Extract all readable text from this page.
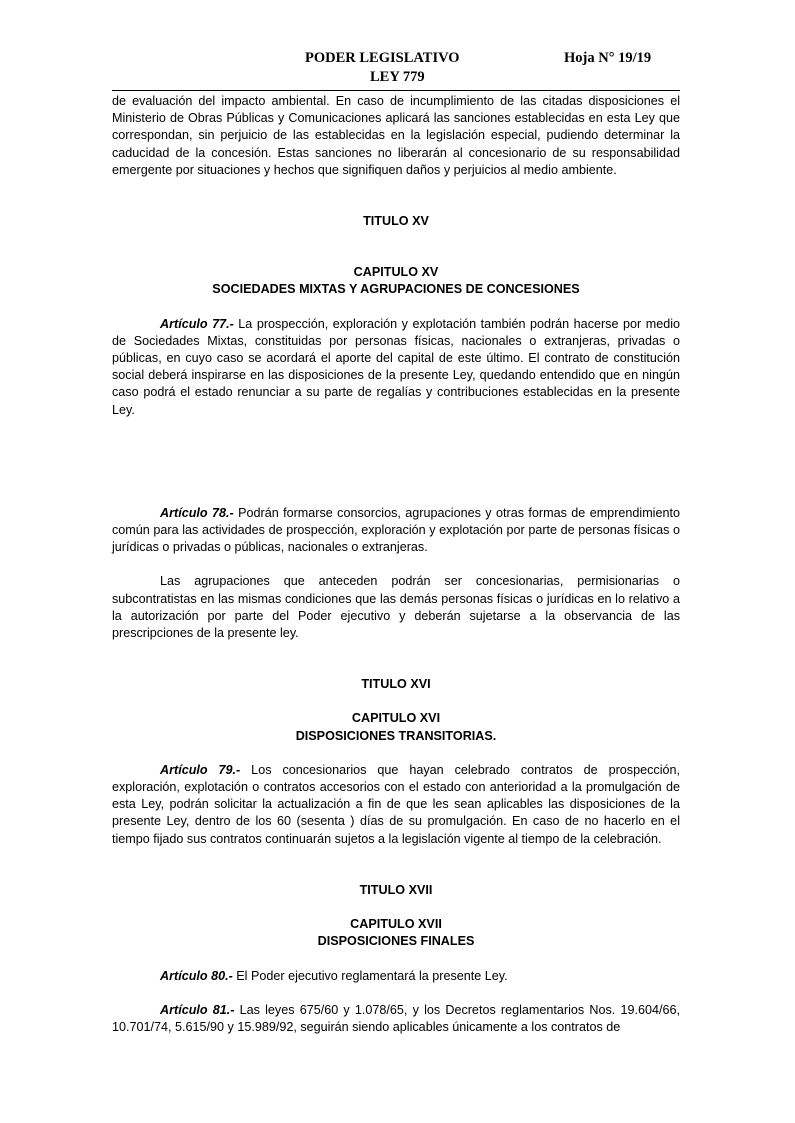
PODER LEGISLATIVO	Hoja N° 19/19
LEY 779

de evaluación del impacto ambiental. En caso de incumplimiento de las citadas disposiciones el Ministerio de Obras Públicas y Comunicaciones aplicará las sanciones establecidas en esta Ley que correspondan, sin perjuicio de las establecidas en la legislación especial, pudiendo determinar la caducidad de la concesión. Estas sanciones no liberarán al concesionario de su responsabilidad emergente por situaciones y hechos que signifiquen daños y perjuicios al medio ambiente.

TITULO XV

CAPITULO XV

SOCIEDADES MIXTAS Y AGRUPACIONES DE CONCESIONES

Artículo 77.- La prospección, exploración y explotación también podrán hacerse por medio de Sociedades Mixtas, constituidas por personas físicas, nacionales o extranjeras, privadas o públicas, en cuyo caso se acordará el aporte del capital de este último. El contrato de constitución social deberá inspirarse en las disposiciones de la presente Ley, quedando entendido que en ningún caso podrá el estado renunciar a su parte de regalías y contribuciones establecidas en la presente Ley.

Artículo 78.- Podrán formarse consorcios, agrupaciones y otras formas de emprendimiento común para las actividades de prospección, exploración y explotación por parte de personas físicas o jurídicas o privadas o públicas, nacionales o extranjeras.

Las agrupaciones que anteceden podrán ser concesionarias, permisionarias o subcontratistas en las mismas condiciones que las demás personas físicas o jurídicas en lo relativo a la autorización por parte del Poder ejecutivo y deberán sujetarse a la observancia de las prescripciones de la presente ley.

TITULO XVI

CAPITULO XVI

DISPOSICIONES TRANSITORIAS.

Artículo 79.- Los concesionarios que hayan celebrado contratos de prospección, exploración, explotación o contratos accesorios con el estado con anterioridad a la promulgación de esta Ley, podrán solicitar la actualización a fin de que les sean aplicables las disposiciones de la presente Ley, dentro de los 60 (sesenta ) días de su promulgación. En caso de no hacerlo en el tiempo fijado sus contratos continuarán sujetos a la legislación vigente al tiempo de la celebración.

TITULO XVII

CAPITULO XVII

DISPOSICIONES FINALES

Artículo 80.- El Poder ejecutivo reglamentará la presente Ley.

Artículo 81.- Las leyes 675/60 y 1.078/65, y los Decretos reglamentarios Nos. 19.604/66, 10.701/74, 5.615/90 y 15.989/92, seguirán siendo aplicables únicamente a los contratos de
